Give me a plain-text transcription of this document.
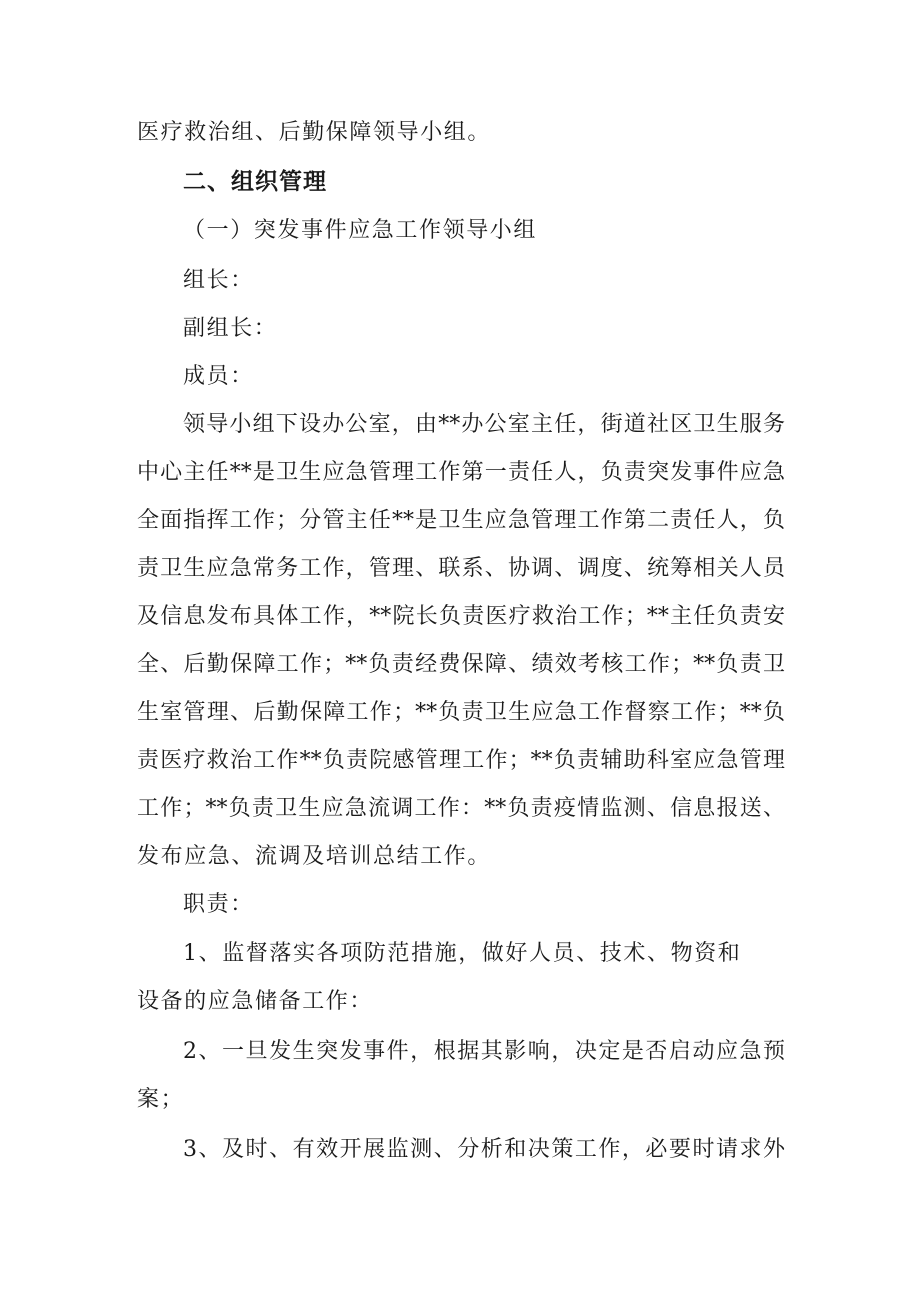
医疗救治组、后勤保障领导小组。
二、组织管理
（一）突发事件应急工作领导小组
组长：
副组长：
成员：
领导小组下设办公室，由**办公室主任，街道社区卫生服务
中心主任**是卫生应急管理工作第一责任人，负责突发事件应急
全面指挥工作；分管主任**是卫生应急管理工作第二责任人，负
责卫生应急常务工作，管理、联系、协调、调度、统筹相关人员
及信息发布具体工作，**院长负责医疗救治工作；**主任负责安
全、后勤保障工作；**负责经费保障、绩效考核工作；**负责卫
生室管理、后勤保障工作；**负责卫生应急工作督察工作；**负
责医疗救治工作**负责院感管理工作；**负责辅助科室应急管理
工作；**负责卫生应急流调工作：**负责疫情监测、信息报送、
发布应急、流调及培训总结工作。
职责：
1、监督落实各项防范措施，做好人员、技术、物资和
设备的应急储备工作：
2、一旦发生突发事件，根据其影响，决定是否启动应急预
案；
3、及时、有效开展监测、分析和决策工作，必要时请求外
